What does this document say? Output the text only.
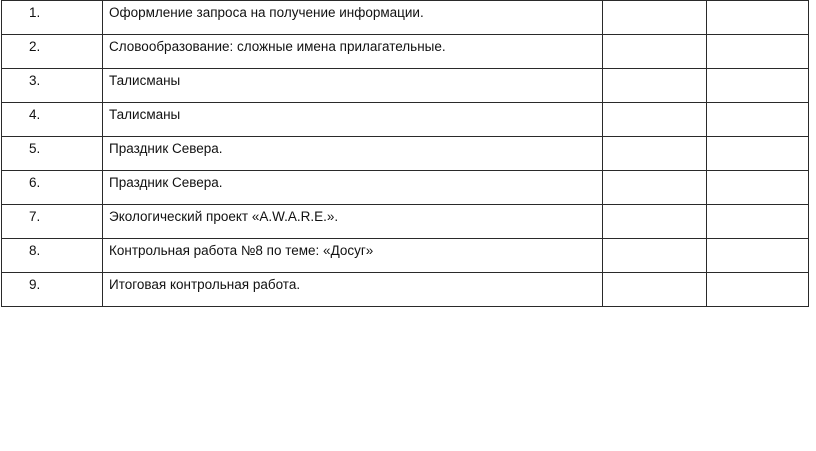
1.	Оформление запроса на получение информации.		

2.	Словообразование: сложные имена прилагательные.		

3.	Талисманы		

4.	Талисманы		

5.	Праздник Севера.		

6.	Праздник Севера.		

7.	Экологический проект «A.W.A.R.E.».		

8.	Контрольная работа №8 по теме: «Досуг»		

9.	Итоговая контрольная работа.		
